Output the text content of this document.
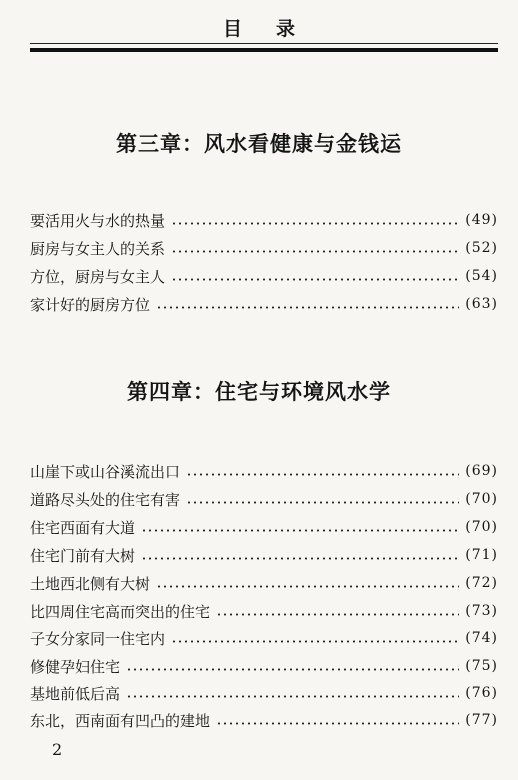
目 录
第三章：风水看健康与金钱运
要活用火与水的热量	(49)
厨房与女主人的关系	(52)
方位，厨房与女主人	(54)
家计好的厨房方位	(63)
第四章：住宅与环境风水学
山崖下或山谷溪流出口	(69)
道路尽头处的住宅有害	(70)
住宅西面有大道	(70)
住宅门前有大树	(71)
土地西北侧有大树	(72)
比四周住宅高而突出的住宅	(73)
子女分家同一住宅内	(74)
修健孕妇住宅	(75)
基地前低后高	(76)
东北，西南面有凹凸的建地	(77)
2
